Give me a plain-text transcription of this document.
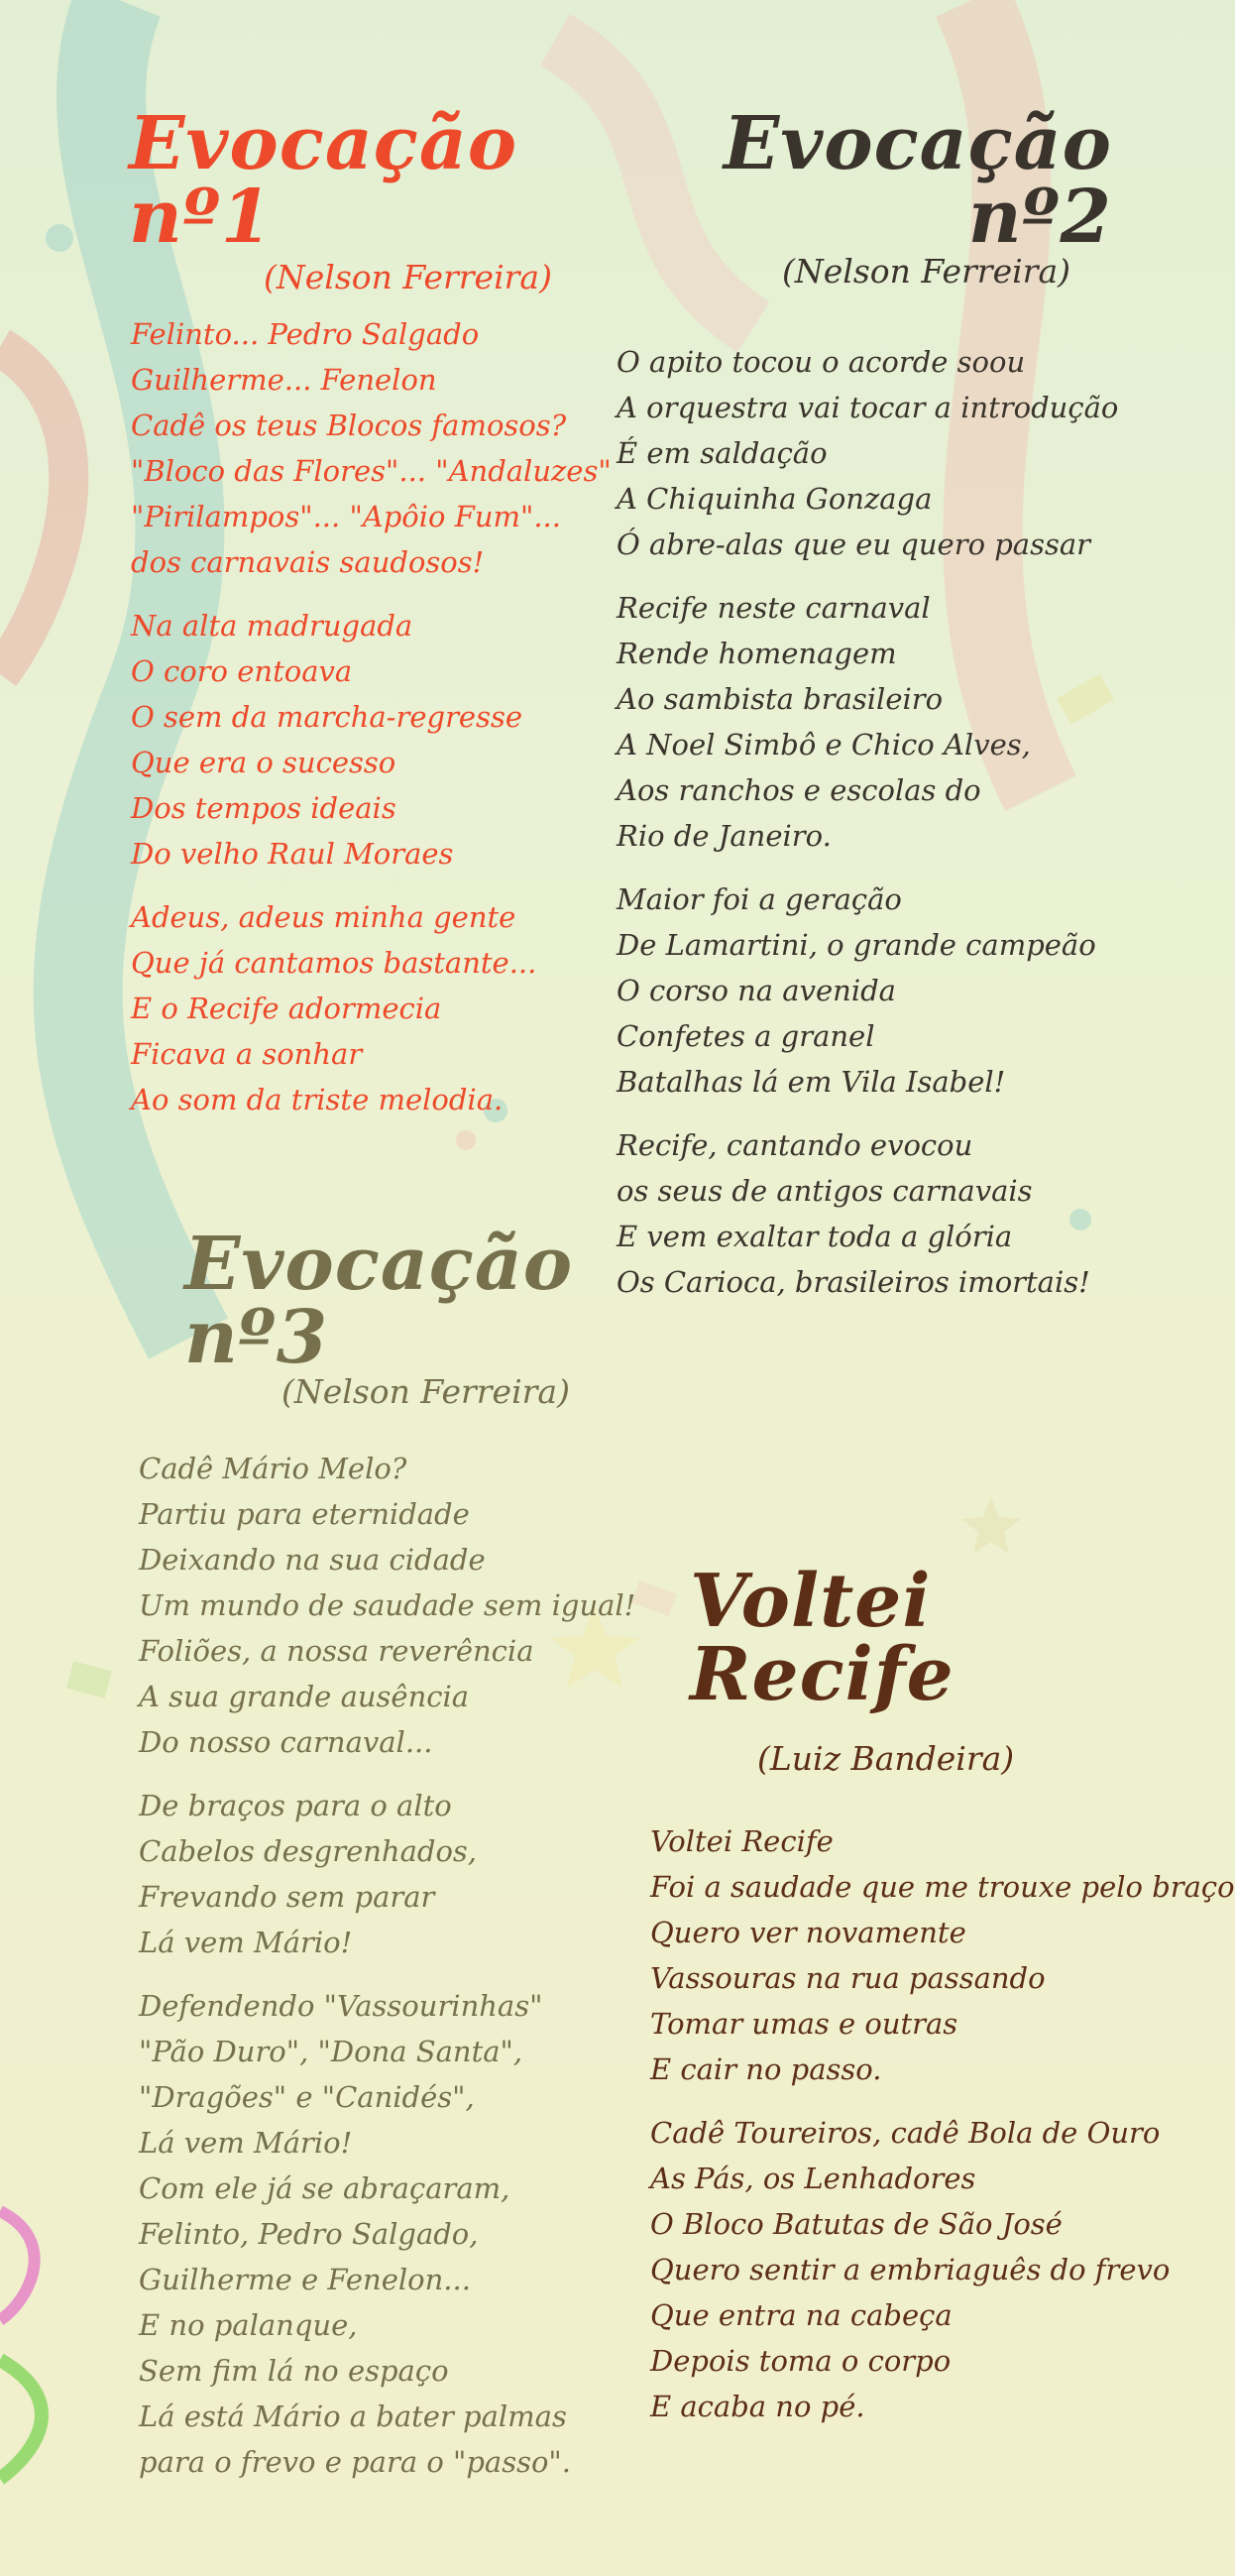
Evocação nº1
(Nelson Ferreira)
Felinto... Pedro Salgado
Guilherme... Fenelon
Cadê os teus Blocos famosos?
"Bloco das Flores"... "Andaluzes"
"Pirilampos"... "Apôio Fum"...
dos carnavais saudosos!
Na alta madrugada
O coro entoava
O sem da marcha-regresse
Que era o sucesso
Dos tempos ideais
Do velho Raul Moraes
Adeus, adeus minha gente
Que já cantamos bastante...
E o Recife adormecia
Ficava a sonhar
Ao som da triste melodia.
Evocação nº2
(Nelson Ferreira)
O apito tocou o acorde soou
A orquestra vai tocar a introdução
É em saldação
A Chiquinha Gonzaga
Ó abre-alas que eu quero passar
Recife neste carnaval
Rende homenagem
Ao sambista brasileiro
A Noel Simbô e Chico Alves,
Aos ranchos e escolas do
Rio de Janeiro.
Maior foi a geração
De Lamartini, o grande campeão
O corso na avenida
Confetes a granel
Batalhas lá em Vila Isabel!
Recife, cantando evocou
os seus de antigos carnavais
E vem exaltar toda a glória
Os Carioca, brasileiros imortais!
Evocação nº3
(Nelson Ferreira)
Cadê Mário Melo?
Partiu para eternidade
Deixando na sua cidade
Um mundo de saudade sem igual!
Foliões, a nossa reverência
A sua grande ausência
Do nosso carnaval...
De braços para o alto
Cabelos desgrenhados,
Frevando sem parar
Lá vem Mário!
Defendendo "Vassourinhas"
"Pão Duro", "Dona Santa",
"Dragões" e "Canidés",
Lá vem Mário!
Com ele já se abraçaram,
Felinto, Pedro Salgado,
Guilherme e Fenelon...
E no palanque,
Sem fim lá no espaço
Lá está Mário a bater palmas
para o frevo e para o "passo".
Voltei Recife
(Luiz Bandeira)
Voltei Recife
Foi a saudade que me trouxe pelo braço
Quero ver novamente
Vassouras na rua passando
Tomar umas e outras
E cair no passo.
Cadê Toureiros, cadê Bola de Ouro
As Pás, os Lenhadores
O Bloco Batutas de São José
Quero sentir a embriaguês do frevo
Que entra na cabeça
Depois toma o corpo
E acaba no pé.
